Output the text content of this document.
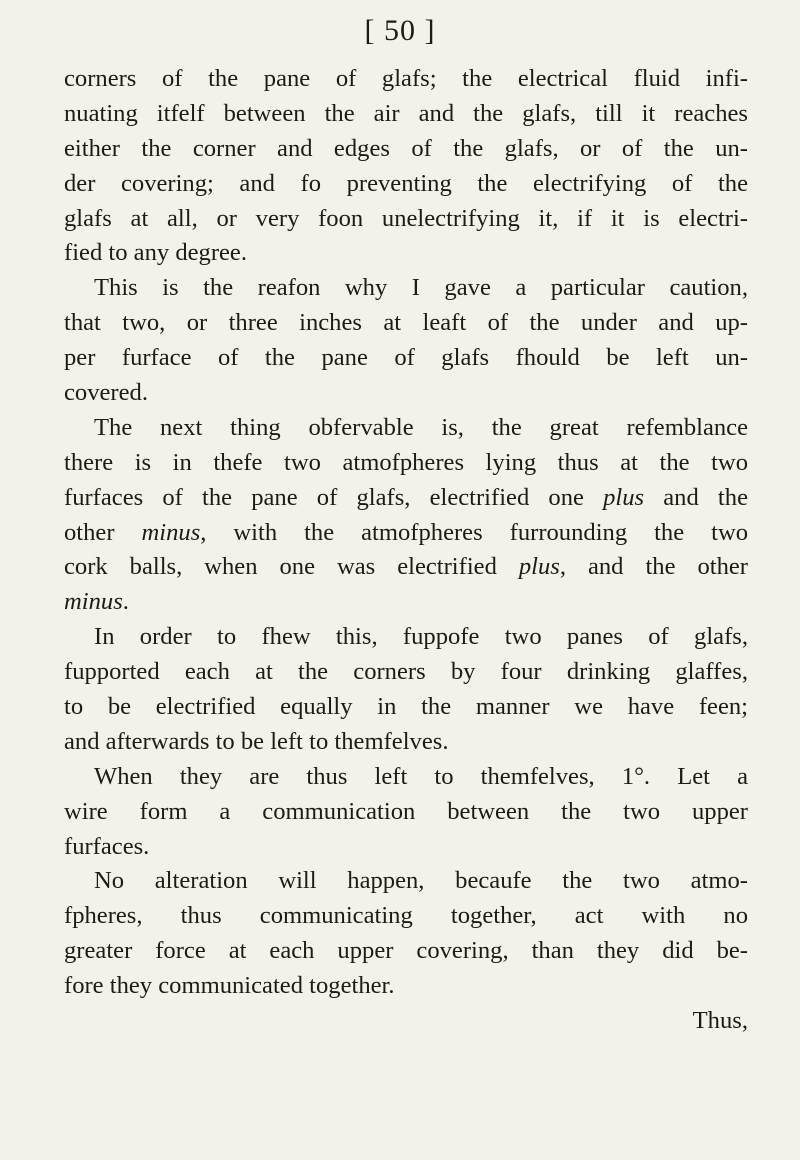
[ 50 ]
corners of the pane of glafs; the electrical fluid infi-
nuating itfelf between the air and the glafs, till it reaches
either the corner and edges of the glafs, or of the un-
der covering; and fo preventing the electrifying of the
glafs at all, or very foon unelectrifying it, if it is electri-
fied to any degree.
This is the reafon why I gave a particular caution,
that two, or three inches at leaft of the under and up-
per furface of the pane of glafs fhould be left un-
covered.
The next thing obfervable is, the great refemblance
there is in thefe two atmofpheres lying thus at the two
furfaces of the pane of glafs, electrified one plus and the
other minus, with the atmofpheres furrounding the two
cork balls, when one was electrified plus, and the other
minus.
In order to fhew this, fuppofe two panes of glafs,
fupported each at the corners by four drinking glaffes,
to be electrified equally in the manner we have feen;
and afterwards to be left to themfelves.
When they are thus left to themfelves, 1°. Let a
wire form a communication between the two upper
furfaces.
No alteration will happen, becaufe the two atmo-
fpheres, thus communicating together, act with no
greater force at each upper covering, than they did be-
fore they communicated together.
Thus,
